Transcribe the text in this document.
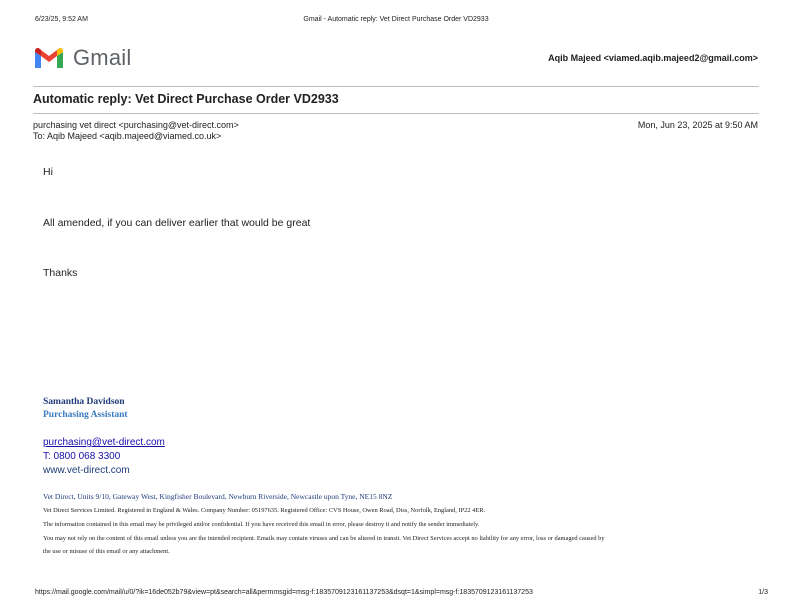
6/23/25, 9:52 AM	Gmail - Automatic reply: Vet Direct Purchase Order VD2933
Gmail	Aqib Majeed <viamed.aqib.majeed2@gmail.com>
Automatic reply: Vet Direct Purchase Order VD2933
purchasing vet direct <purchasing@vet-direct.com>
To: Aqib Majeed <aqib.majeed@viamed.co.uk>
Mon, Jun 23, 2025 at 9:50 AM
Hi
All amended, if you can deliver earlier that would be great
Thanks
Samantha Davidson
Purchasing Assistant
purchasing@vet-direct.com
T: 0800 068 3300
www.vet-direct.com
Vet Direct, Units 9/10, Gateway West, Kingfisher Boulevard, Newburn Riverside, Newcastle upon Tyne, NE15 8NZ
Vet Direct Services Limited. Registered in England & Wales. Company Number: 05197635. Registered Office: CVS House, Owen Road, Diss, Norfolk, England, IP22 4ER.
The information contained in this email may be privileged and/or confidential. If you have received this email in error, please destroy it and notify the sender immediately.
You may not rely on the content of this email unless you are the intended recipient. Emails may contain viruses and can be altered in transit. Vet Direct Services accept no liability for any error, loss or damaged caused by
the use or misuse of this email or any attachment.
https://mail.google.com/mail/u/0/?ik=16de052b79&view=pt&search=all&permmsgid=msg-f:1835709123161137253&dsqt=1&simpl=msg-f:1835709123161137253	1/3
